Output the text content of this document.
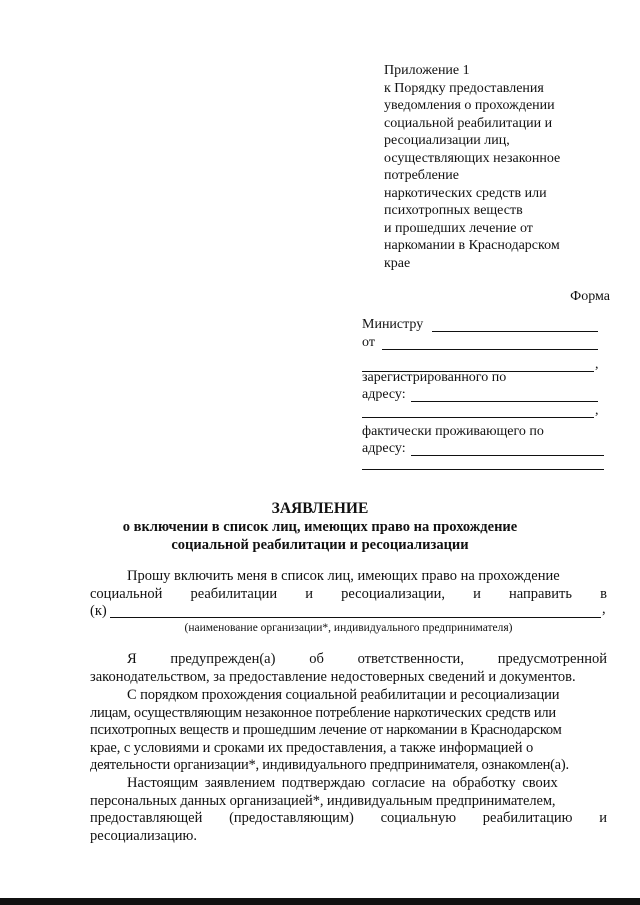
Приложение 1
к Порядку предоставления
уведомления о прохождении
социальной реабилитации и
ресоциализации лиц,
осуществляющих незаконное
потребление
наркотических средств или
психотропных веществ
и прошедших лечение от
наркомании в Краснодарском
крае
Форма
Министру
от
,
зарегистрированного по
адресу:
,
фактически проживающего по
адресу:
ЗАЯВЛЕНИЕ
о включении в список лиц, имеющих право на прохождение
социальной реабилитации и ресоциализации
Прошу включить меня в список лиц, имеющих право на прохождение
социальной реабилитации и ресоциализации, и направить в
(к)	,
(наименование организации*, индивидуального предпринимателя)
Я предупрежден(а) об ответственности, предусмотренной
законодательством, за предоставление недостоверных сведений и документов.
С порядком прохождения социальной реабилитации и ресоциализации
лицам, осуществляющим незаконное потребление наркотических средств или
психотропных веществ и прошедшим лечение от наркомании в Краснодарском
крае, с условиями и сроками их предоставления, а также информацией о
деятельности организации*, индивидуального предпринимателя, ознакомлен(а).
Настоящим заявлением подтверждаю согласие на обработку своих
персональных данных организацией*, индивидуальным предпринимателем,
предоставляющей (предоставляющим) социальную реабилитацию и
ресоциализацию.
